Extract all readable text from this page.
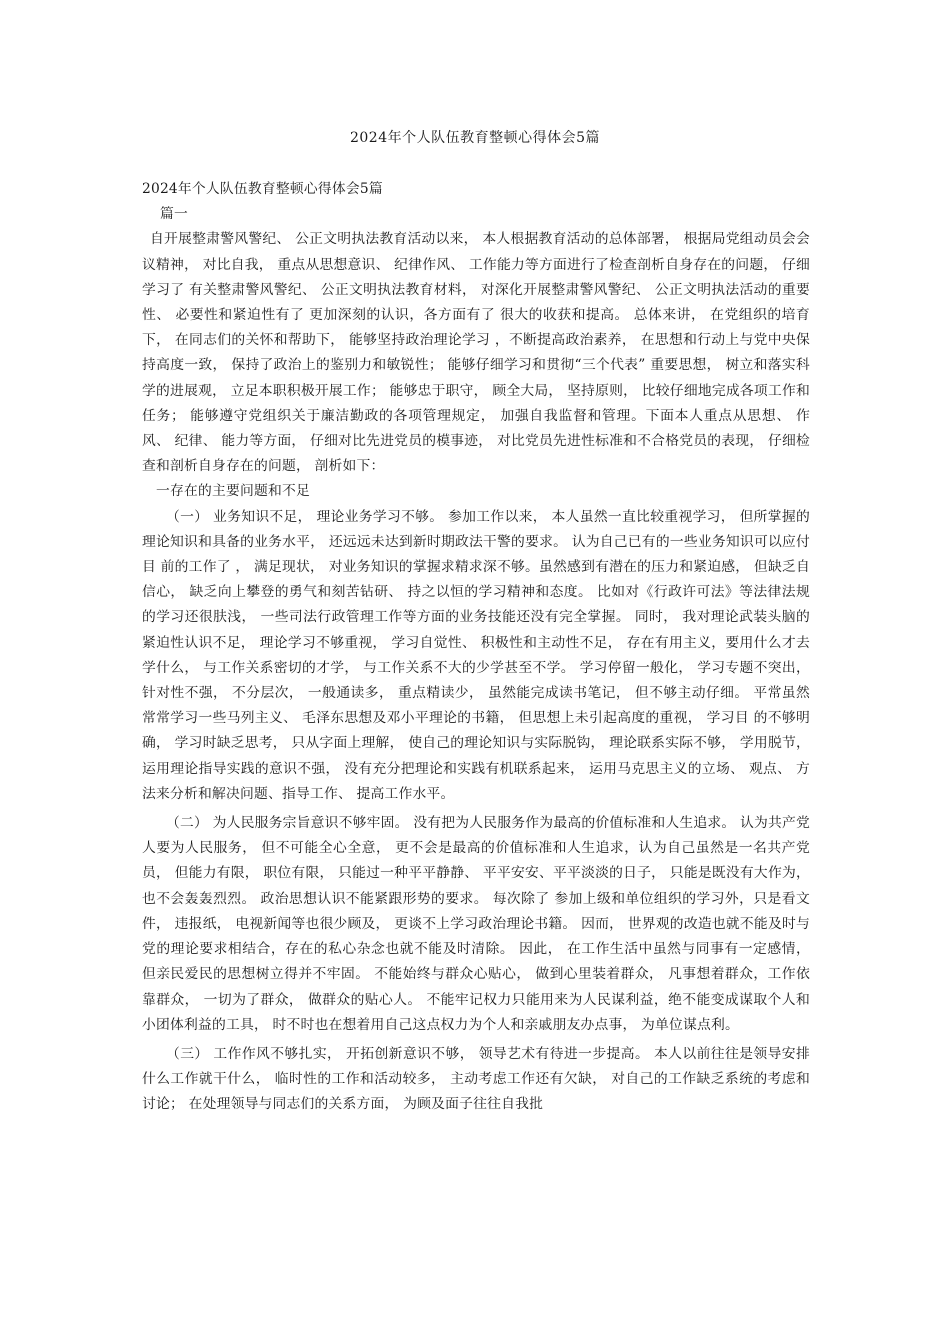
2024年个人队伍教育整顿心得体会5篇

2024年个人队伍教育整顿心得体会5篇

篇一

自开展整肃警风警纪、 公正文明执法教育活动以来， 本人根据教育活动的总体部署， 根据局党组动员会会议精神， 对比自我， 重点从思想意识、 纪律作风、 工作能力等方面进行了检查剖析自身存在的问题， 仔细学习了 有关整肃警风警纪、 公正文明执法教育材料， 对深化开展整肃警风警纪、 公正文明执法活动的重要性、 必要性和紧迫性有了 更加深刻的认识，各方面有了 很大的收获和提高。 总体来讲， 在党组织的培育下， 在同志们的关怀和帮助下， 能够坚持政治理论学习 ，不断提高政治素养， 在思想和行动上与党中央保持高度一致， 保持了政治上的鉴别力和敏锐性； 能够仔细学习和贯彻“三个代表” 重要思想， 树立和落实科学的进展观， 立足本职积极开展工作； 能够忠于职守， 顾全大局， 坚持原则， 比较仔细地完成各项工作和任务； 能够遵守党组织关于廉洁勤政的各项管理规定， 加强自我监督和管理。下面本人重点从思想、 作风、 纪律、 能力等方面， 仔细对比先进党员的模事迹， 对比党员先进性标准和不合格党员的表现， 仔细检查和剖析自身存在的问题， 剖析如下：

一存在的主要问题和不足

（一） 业务知识不足， 理论业务学习不够。 参加工作以来， 本人虽然一直比较重视学习， 但所掌握的理论知识和具备的业务水平， 还远远未达到新时期政法干警的要求。 认为自己已有的一些业务知识可以应付目 前的工作了 ， 满足现状， 对业务知识的掌握求精求深不够。虽然感到有潜在的压力和紧迫感， 但缺乏自信心， 缺乏向上攀登的勇气和刻苦钻研、 持之以恒的学习精神和态度。 比如对《行政许可法》等法律法规的学习还很肤浅， 一些司法行政管理工作等方面的业务技能还没有完全掌握。 同时， 我对理论武装头脑的紧迫性认识不足， 理论学习不够重视， 学习自觉性、 积极性和主动性不足， 存在有用主义，要用什么才去学什么， 与工作关系密切的才学， 与工作关系不大的少学甚至不学。 学习停留一般化， 学习专题不突出， 针对性不强， 不分层次， 一般通读多， 重点精读少， 虽然能完成读书笔记， 但不够主动仔细。 平常虽然常常学习一些马列主义、 毛泽东思想及邓小平理论的书籍， 但思想上未引起高度的重视， 学习目 的不够明确， 学习时缺乏思考， 只从字面上理解， 使自己的理论知识与实际脱钩， 理论联系实际不够， 学用脱节， 运用理论指导实践的意识不强， 没有充分把理论和实践有机联系起来， 运用马克思主义的立场、 观点、 方法来分析和解决问题、指导工作、 提高工作水平。

（二） 为人民服务宗旨意识不够牢固。 没有把为人民服务作为最高的价值标准和人生追求。 认为共产党人要为人民服务， 但不可能全心全意， 更不会是最高的价值标准和人生追求，认为自己虽然是一名共产党员， 但能力有限， 职位有限， 只能过一种平平静静、 平平安安、平平淡淡的日子， 只能是既没有大作为， 也不会轰轰烈烈。 政治思想认识不能紧跟形势的要求。 每次除了 参加上级和单位组织的学习外，只是看文件， 违报纸， 电视新闻等也很少顾及， 更谈不上学习政治理论书籍。 因而， 世界观的改造也就不能及时与党的理论要求相结合，存在的私心杂念也就不能及时清除。 因此， 在工作生活中虽然与同事有一定感情， 但亲民爱民的思想树立得并不牢固。 不能始终与群众心贴心， 做到心里装着群众， 凡事想着群众，工作依靠群众， 一切为了群众， 做群众的贴心人。 不能牢记权力只能用来为人民谋利益，绝不能变成谋取个人和小团体利益的工具， 时不时也在想着用自己这点权力为个人和亲戚朋友办点事， 为单位谋点利。

（三） 工作作风不够扎实， 开拓创新意识不够， 领导艺术有待进一步提高。 本人以前往往是领导安排什么工作就干什么， 临时性的工作和活动较多， 主动考虑工作还有欠缺， 对自己的工作缺乏系统的考虑和讨论； 在处理领导与同志们的关系方面， 为顾及面子往往自我批
